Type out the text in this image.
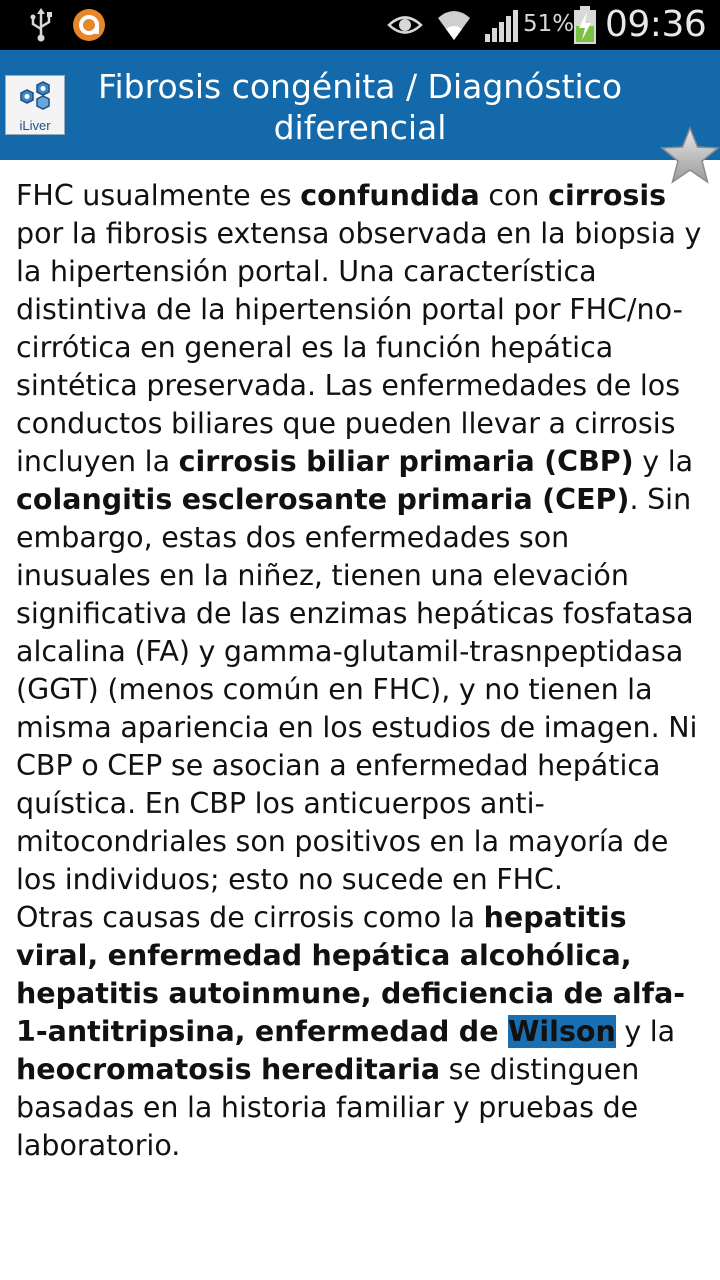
51% 09:36
iLiver
Fibrosis congénita / Diagnóstico
diferencial

FHC usualmente es confundida con cirrosis por la fibrosis extensa observada en la biopsia y la hipertensión portal. Una característica distintiva de la hipertensión portal por FHC/no-cirrótica en general es la función hepática sintética preservada. Las enfermedades de los conductos biliares que pueden llevar a cirrosis incluyen la cirrosis biliar primaria (CBP) y la colangitis esclerosante primaria (CEP). Sin embargo, estas dos enfermedades son inusuales en la niñez, tienen una elevación significativa de las enzimas hepáticas fosfatasa alcalina (FA) y gamma-glutamil-trasnpeptidasa (GGT) (menos común en FHC), y no tienen la misma apariencia en los estudios de imagen. Ni CBP o CEP se asocian a enfermedad hepática quística. En CBP los anticuerpos anti-mitocondriales son positivos en la mayoría de los individuos; esto no sucede en FHC.

Otras causas de cirrosis como la hepatitis viral, enfermedad hepática alcohólica, hepatitis autoinmune, deficiencia de alfa-1-antitripsina, enfermedad de Wilson y la heocromatosis hereditaria se distinguen basadas en la historia familiar y pruebas de laboratorio.
